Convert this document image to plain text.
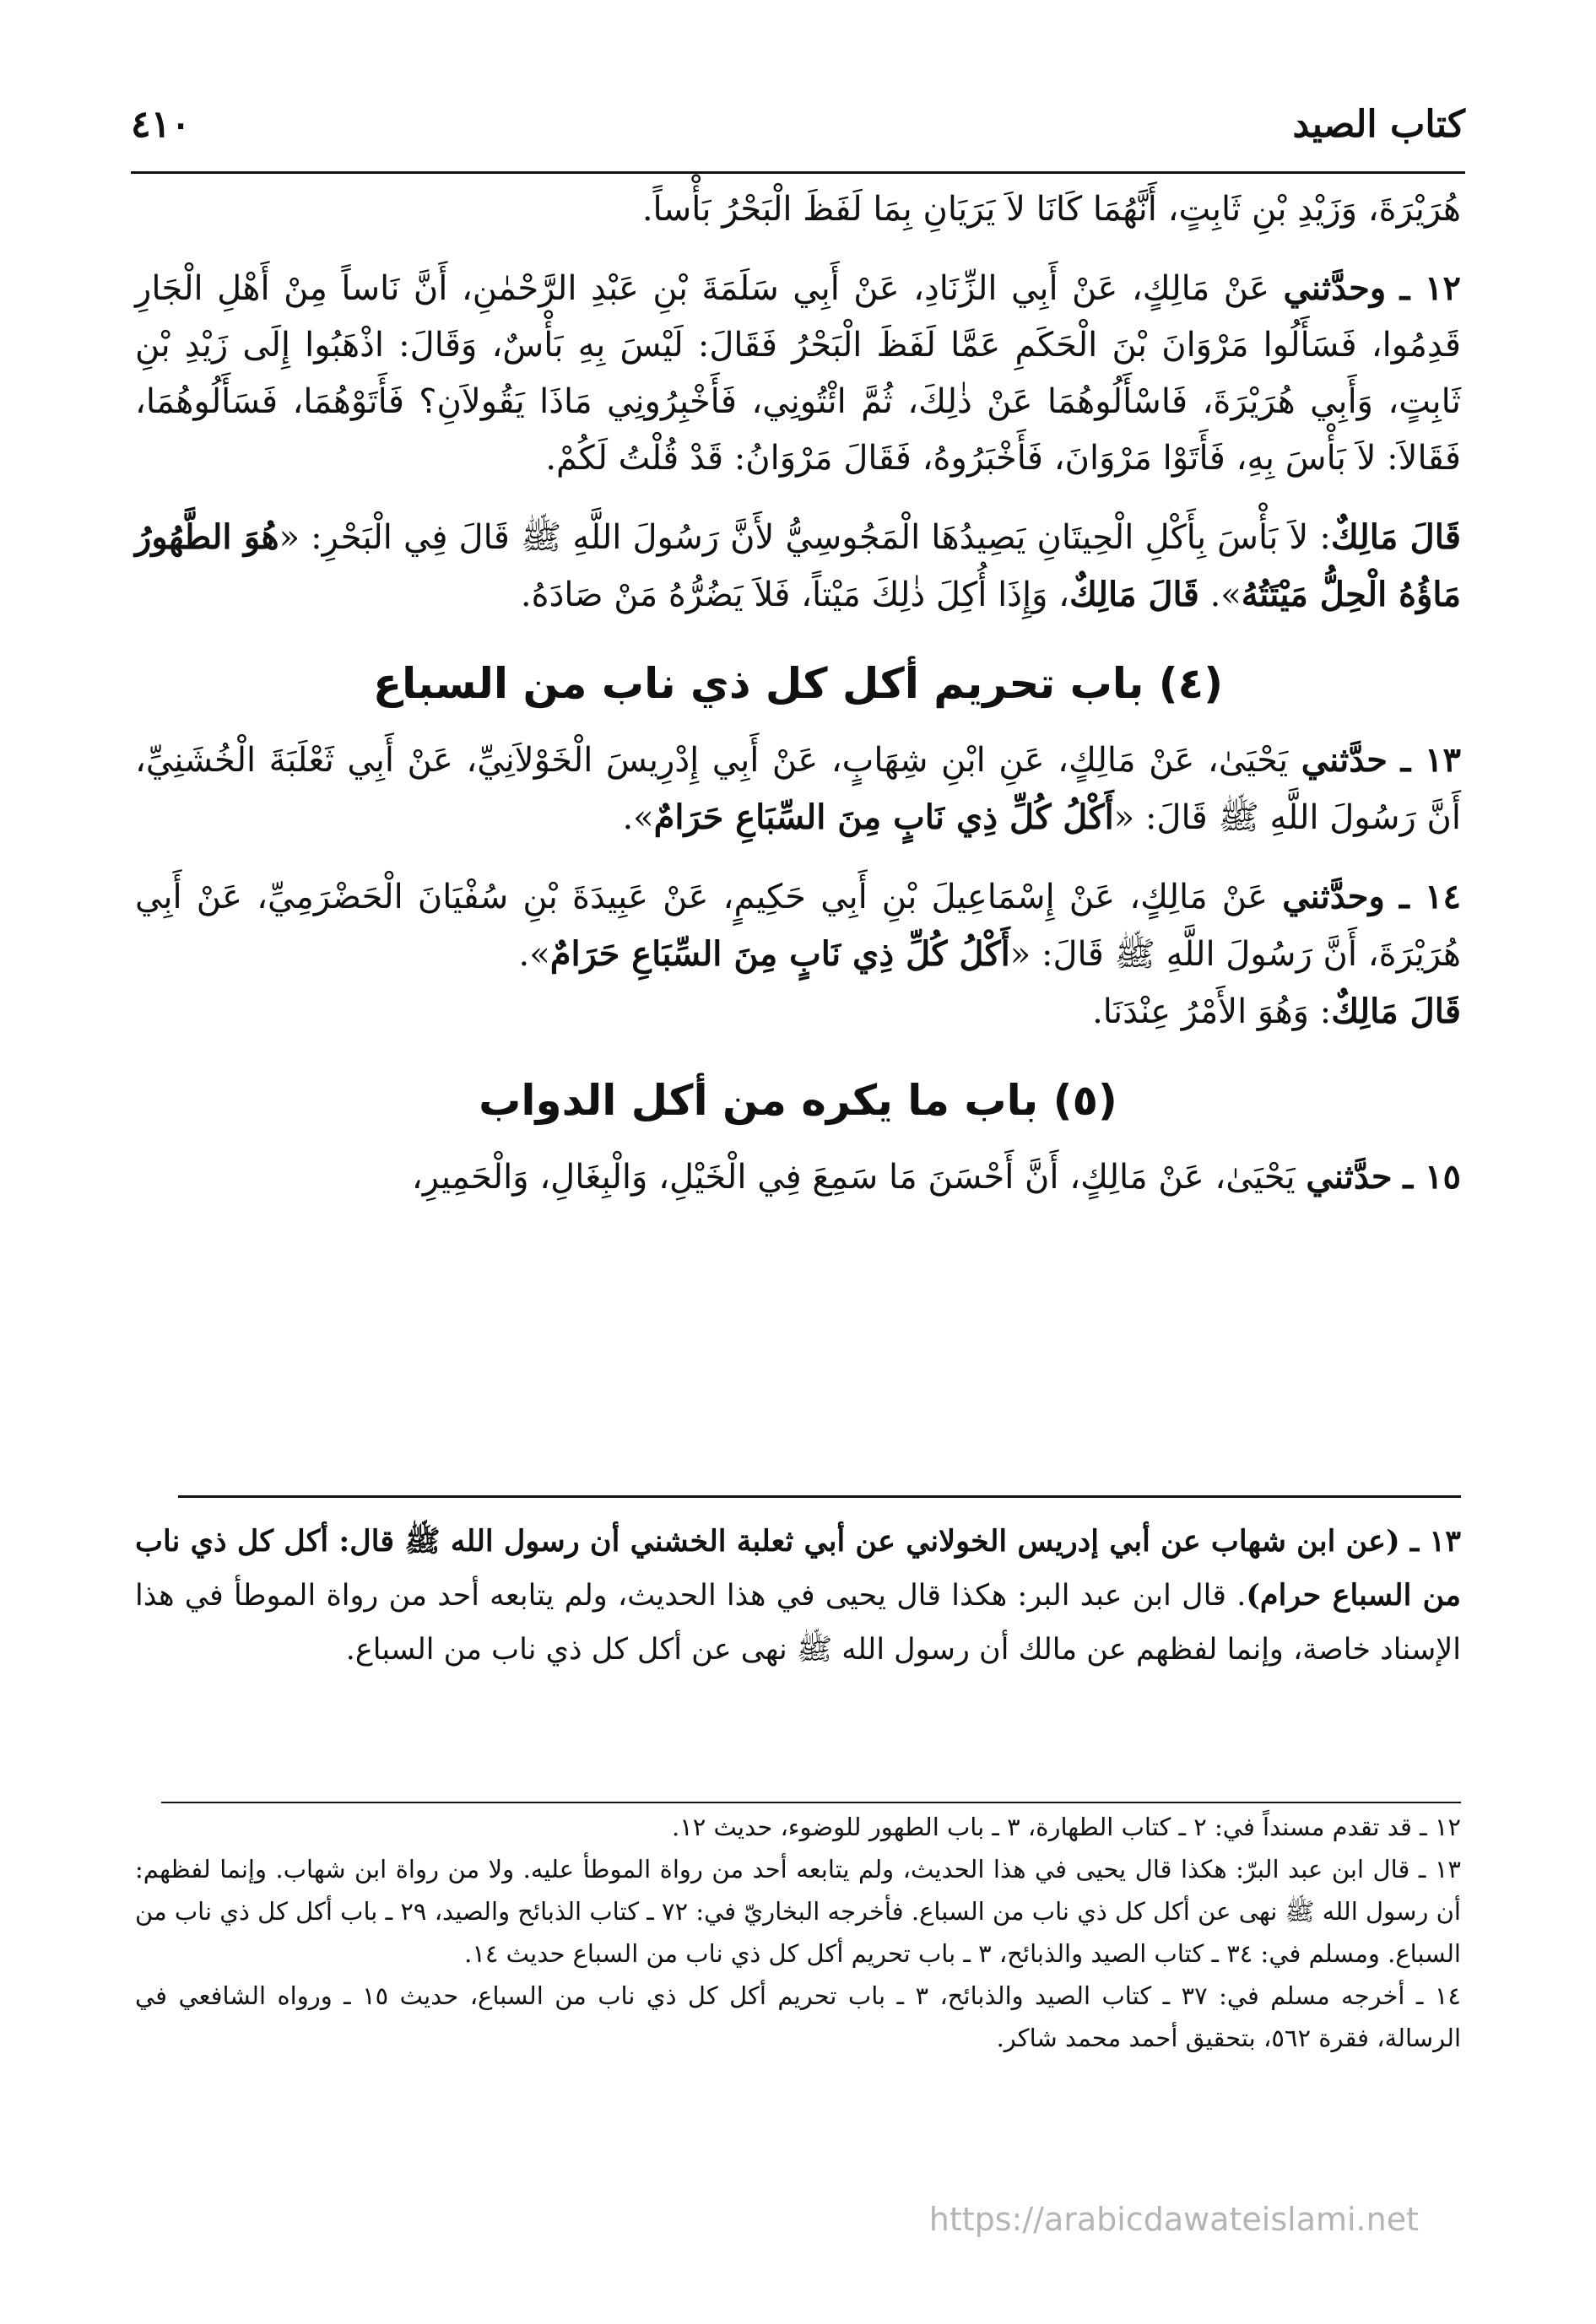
كتاب الصيد
٤١٠

هُرَيْرَةَ، وَزَيْدِ بْنِ ثَابِتٍ، أَنَّهُمَا كَانَا لاَ يَرَيَانِ بِمَا لَفَظَ الْبَحْرُ بَأْساً.

١٢ ـ وحدَّثني عَنْ مَالِكٍ، عَنْ أَبِي الزِّنَادِ، عَنْ أَبِي سَلَمَةَ بْنِ عَبْدِ الرَّحْمٰنِ، أَنَّ نَاساً مِنْ أَهْلِ الْجَارِ قَدِمُوا، فَسَأَلُوا مَرْوَانَ بْنَ الْحَكَمِ عَمَّا لَفَظَ الْبَحْرُ فَقَالَ: لَيْسَ بِهِ بَأْسٌ، وَقَالَ: اذْهَبُوا إِلَى زَيْدِ بْنِ ثَابِتٍ، وَأَبِي هُرَيْرَةَ، فَاسْأَلُوهُمَا عَنْ ذٰلِكَ، ثُمَّ ائْتُونِي، فَأَخْبِرُونِي مَاذَا يَقُولاَنِ؟ فَأَتَوْهُمَا، فَسَأَلُوهُمَا، فَقَالاَ: لاَ بَأْسَ بِهِ، فَأَتَوْا مَرْوَانَ، فَأَخْبَرُوهُ، فَقَالَ مَرْوَانُ: قَدْ قُلْتُ لَكُمْ.

قَالَ مَالِكٌ: لاَ بَأْسَ بِأَكْلِ الْحِيتَانِ يَصِيدُهَا الْمَجُوسِيُّ لأَنَّ رَسُولَ اللَّهِ ﷺ قَالَ فِي الْبَحْرِ: «هُوَ الطَّهُورُ مَاؤُهُ الْحِلُّ مَيْتَتُهُ». قَالَ مَالِكٌ، وَإِذَا أُكِلَ ذٰلِكَ مَيْتاً، فَلاَ يَضُرُّهُ مَنْ صَادَهُ.

(٤) باب تحريم أكل كل ذي ناب من السباع

١٣ ـ حدَّثني يَحْيَىٰ، عَنْ مَالِكٍ، عَنِ ابْنِ شِهَابٍ، عَنْ أَبِي إِدْرِيسَ الْخَوْلاَنِيِّ، عَنْ أَبِي ثَعْلَبَةَ الْخُشَنِيِّ، أَنَّ رَسُولَ اللَّهِ ﷺ قَالَ: «أَكْلُ كُلِّ ذِي نَابٍ مِنَ السِّبَاعِ حَرَامٌ».

١٤ ـ وحدَّثني عَنْ مَالِكٍ، عَنْ إِسْمَاعِيلَ بْنِ أَبِي حَكِيمٍ، عَنْ عَبِيدَةَ بْنِ سُفْيَانَ الْحَضْرَمِيِّ، عَنْ أَبِي هُرَيْرَةَ، أَنَّ رَسُولَ اللَّهِ ﷺ قَالَ: «أَكْلُ كُلِّ ذِي نَابٍ مِنَ السِّبَاعِ حَرَامٌ».
قَالَ مَالِكٌ: وَهُوَ الأَمْرُ عِنْدَنَا.

(٥) باب ما يكره من أكل الدواب

١٥ ـ حدَّثني يَحْيَىٰ، عَنْ مَالِكٍ، أَنَّ أَحْسَنَ مَا سَمِعَ فِي الْخَيْلِ، وَالْبِغَالِ، وَالْحَمِيرِ،

١٣ ـ (عن ابن شهاب عن أبي إدريس الخولاني عن أبي ثعلبة الخشني أن رسول الله ﷺ قال: أكل كل ذي ناب من السباع حرام). قال ابن عبد البر: هكذا قال يحيى في هذا الحديث، ولم يتابعه أحد من رواة الموطأ في هذا الإسناد خاصة، وإنما لفظهم عن مالك أن رسول الله ﷺ نهى عن أكل كل ذي ناب من السباع.

١٢ ـ قد تقدم مسنداً في: ٢ ـ كتاب الطهارة، ٣ ـ باب الطهور للوضوء، حديث ١٢.

١٣ ـ قال ابن عبد البرّ: هكذا قال يحيى في هذا الحديث، ولم يتابعه أحد من رواة الموطأ عليه. ولا من رواة ابن شهاب. وإنما لفظهم: أن رسول الله ﷺ نهى عن أكل كل ذي ناب من السباع. فأخرجه البخاريّ في: ٧٢ ـ كتاب الذبائح والصيد، ٢٩ ـ باب أكل كل ذي ناب من السباع. ومسلم في: ٣٤ ـ كتاب الصيد والذبائح، ٣ ـ باب تحريم أكل كل ذي ناب من السباع حديث ١٤.

١٤ ـ أخرجه مسلم في: ٣٧ ـ كتاب الصيد والذبائح، ٣ ـ باب تحريم أكل كل ذي ناب من السباع، حديث ١٥ ـ ورواه الشافعي في الرسالة، فقرة ٥٦٢، بتحقيق أحمد محمد شاكر.

https://arabicdawateislami.net
